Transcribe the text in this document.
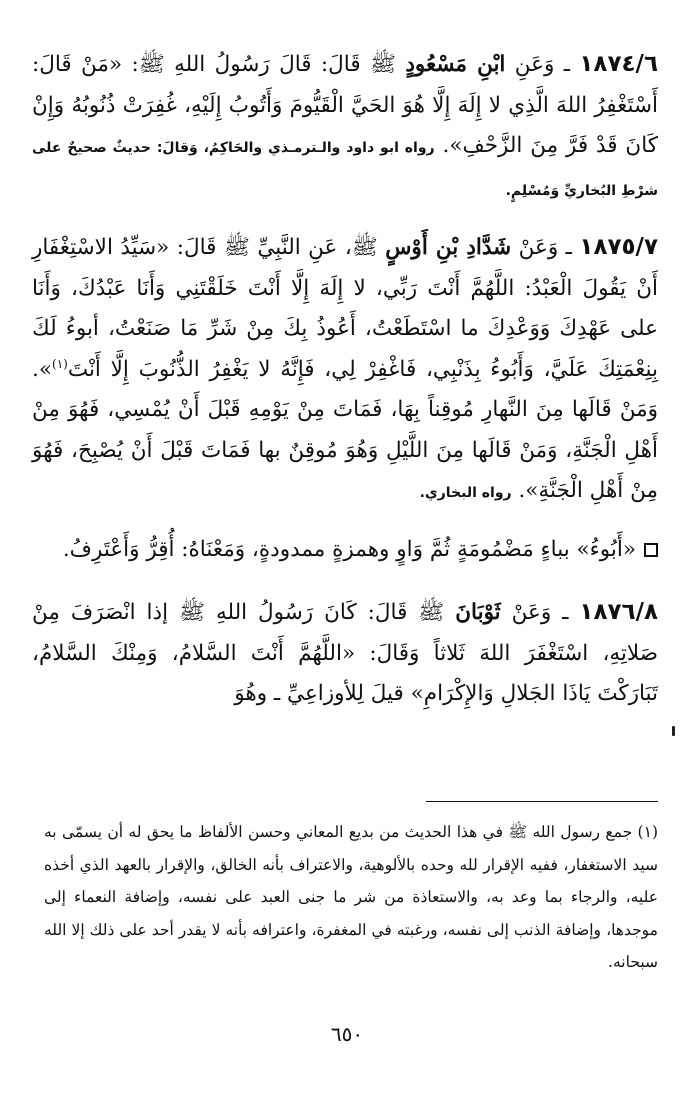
١٨٧٤/٦ ـ وَعَنِ ابْنِ مَسْعُودٍ ﷺ قَالَ: قَالَ رَسُولُ اللهِ ﷺ: «مَنْ قَالَ: أَسْتَغْفِرُ اللهَ الَّذِي لا إِلَهَ إِلَّا هُوَ الحَيَّ الْقَيُّومَ وَأَتُوبُ إِلَيْهِ، غُفِرَتْ ذُنُوبُهُ وَإِنْ كَانَ قَدْ فَرَّ مِنَ الزَّحْفِ». رواه ابو داود والـترمـذي والحَاكِمُ، وَقالَ: حديثٌ صحيحٌ على شرْطِ البُخاريِّ وَمُسْلِمٍ.

١٨٧٥/٧ ـ وَعَنْ شَدَّادِ بْنِ أَوْسٍ ﷺ، عَنِ النَّبِيِّ ﷺ قَالَ: «سَيِّدُ الاسْتِغْفَارِ أَنْ يَقُولَ الْعَبْدُ: اللَّهُمَّ أَنْتَ رَبِّي، لا إِلَهَ إِلَّا أَنْتَ خَلَقْتَنِي وَأَنَا عَبْدُكَ، وَأَنَا على عَهْدِكَ وَوَعْدِكَ ما اسْتَطَعْتُ، أَعُوذُ بِكَ مِنْ شَرِّ مَا صَنَعْتُ، أبوءُ لَكَ بِنِعْمَتِكَ عَلَيَّ، وَأَبُوءُ بِذَنْبِي، فَاغْفِرْ لِي، فَإِنَّهُ لا يَغْفِرُ الذُّنُوبَ إِلَّا أَنْتَ$^{(١)}$». وَمَنْ قَالَها مِنَ النَّهارِ مُوقِناً بِهَا، فَمَاتَ مِنْ يَوْمِهِ قَبْلَ أَنْ يُمْسِي، فَهُوَ مِنْ أَهْلِ الْجَنَّةِ، وَمَنْ قَالَها مِنَ اللَّيْلِ وَهُوَ مُوقِنٌ بها فَمَاتَ قَبْلَ أَنْ يُصْبِحَ، فَهُوَ مِنْ أَهْلِ الْجَنَّةِ». رواه البخاري.

«أَبُوءُ» بباءٍ مَضْمُومَةٍ ثُمَّ وَاوٍ وهمزةٍ ممدودةٍ، وَمَعْنَاهُ: أُقِرُّ وَأَعْتَرِفُ.

١٨٧٦/٨ ـ وَعَنْ ثَوْبَانَ ﷺ قَالَ: كَانَ رَسُولُ اللهِ ﷺ إذا انْصَرَفَ مِنْ صَلاتِهِ، اسْتَغْفَرَ اللهَ ثَلاثاً وَقَالَ: «اللَّهُمَّ أَنْتَ السَّلامُ، وَمِنْكَ السَّلامُ، تَبَارَكْتَ يَاذَا الجَلالِ وَالإِكْرَامِ» قيلَ لِلأوزاعِيِّ ـ وهُوَ

(١) جمع رسول الله ﷺ في هذا الحديث من بديع المعاني وحسن الألفاظ ما يحق له أن يسمّى به سيد الاستغفار، ففيه الإقرار لله وحده بالألوهية، والاعتراف بأنه الخالق، والإقرار بالعهد الذي أخذه عليه، والرجاء بما وعد به، والاستعاذة من شر ما جنى العبد على نفسه، وإضافة النعماء إلى موجدها، وإضافة الذنب إلى نفسه، ورغبته في المغفرة، واعترافه بأنه لا يقدر أحد على ذلك إلا الله سبحانه.
٦٥٠
